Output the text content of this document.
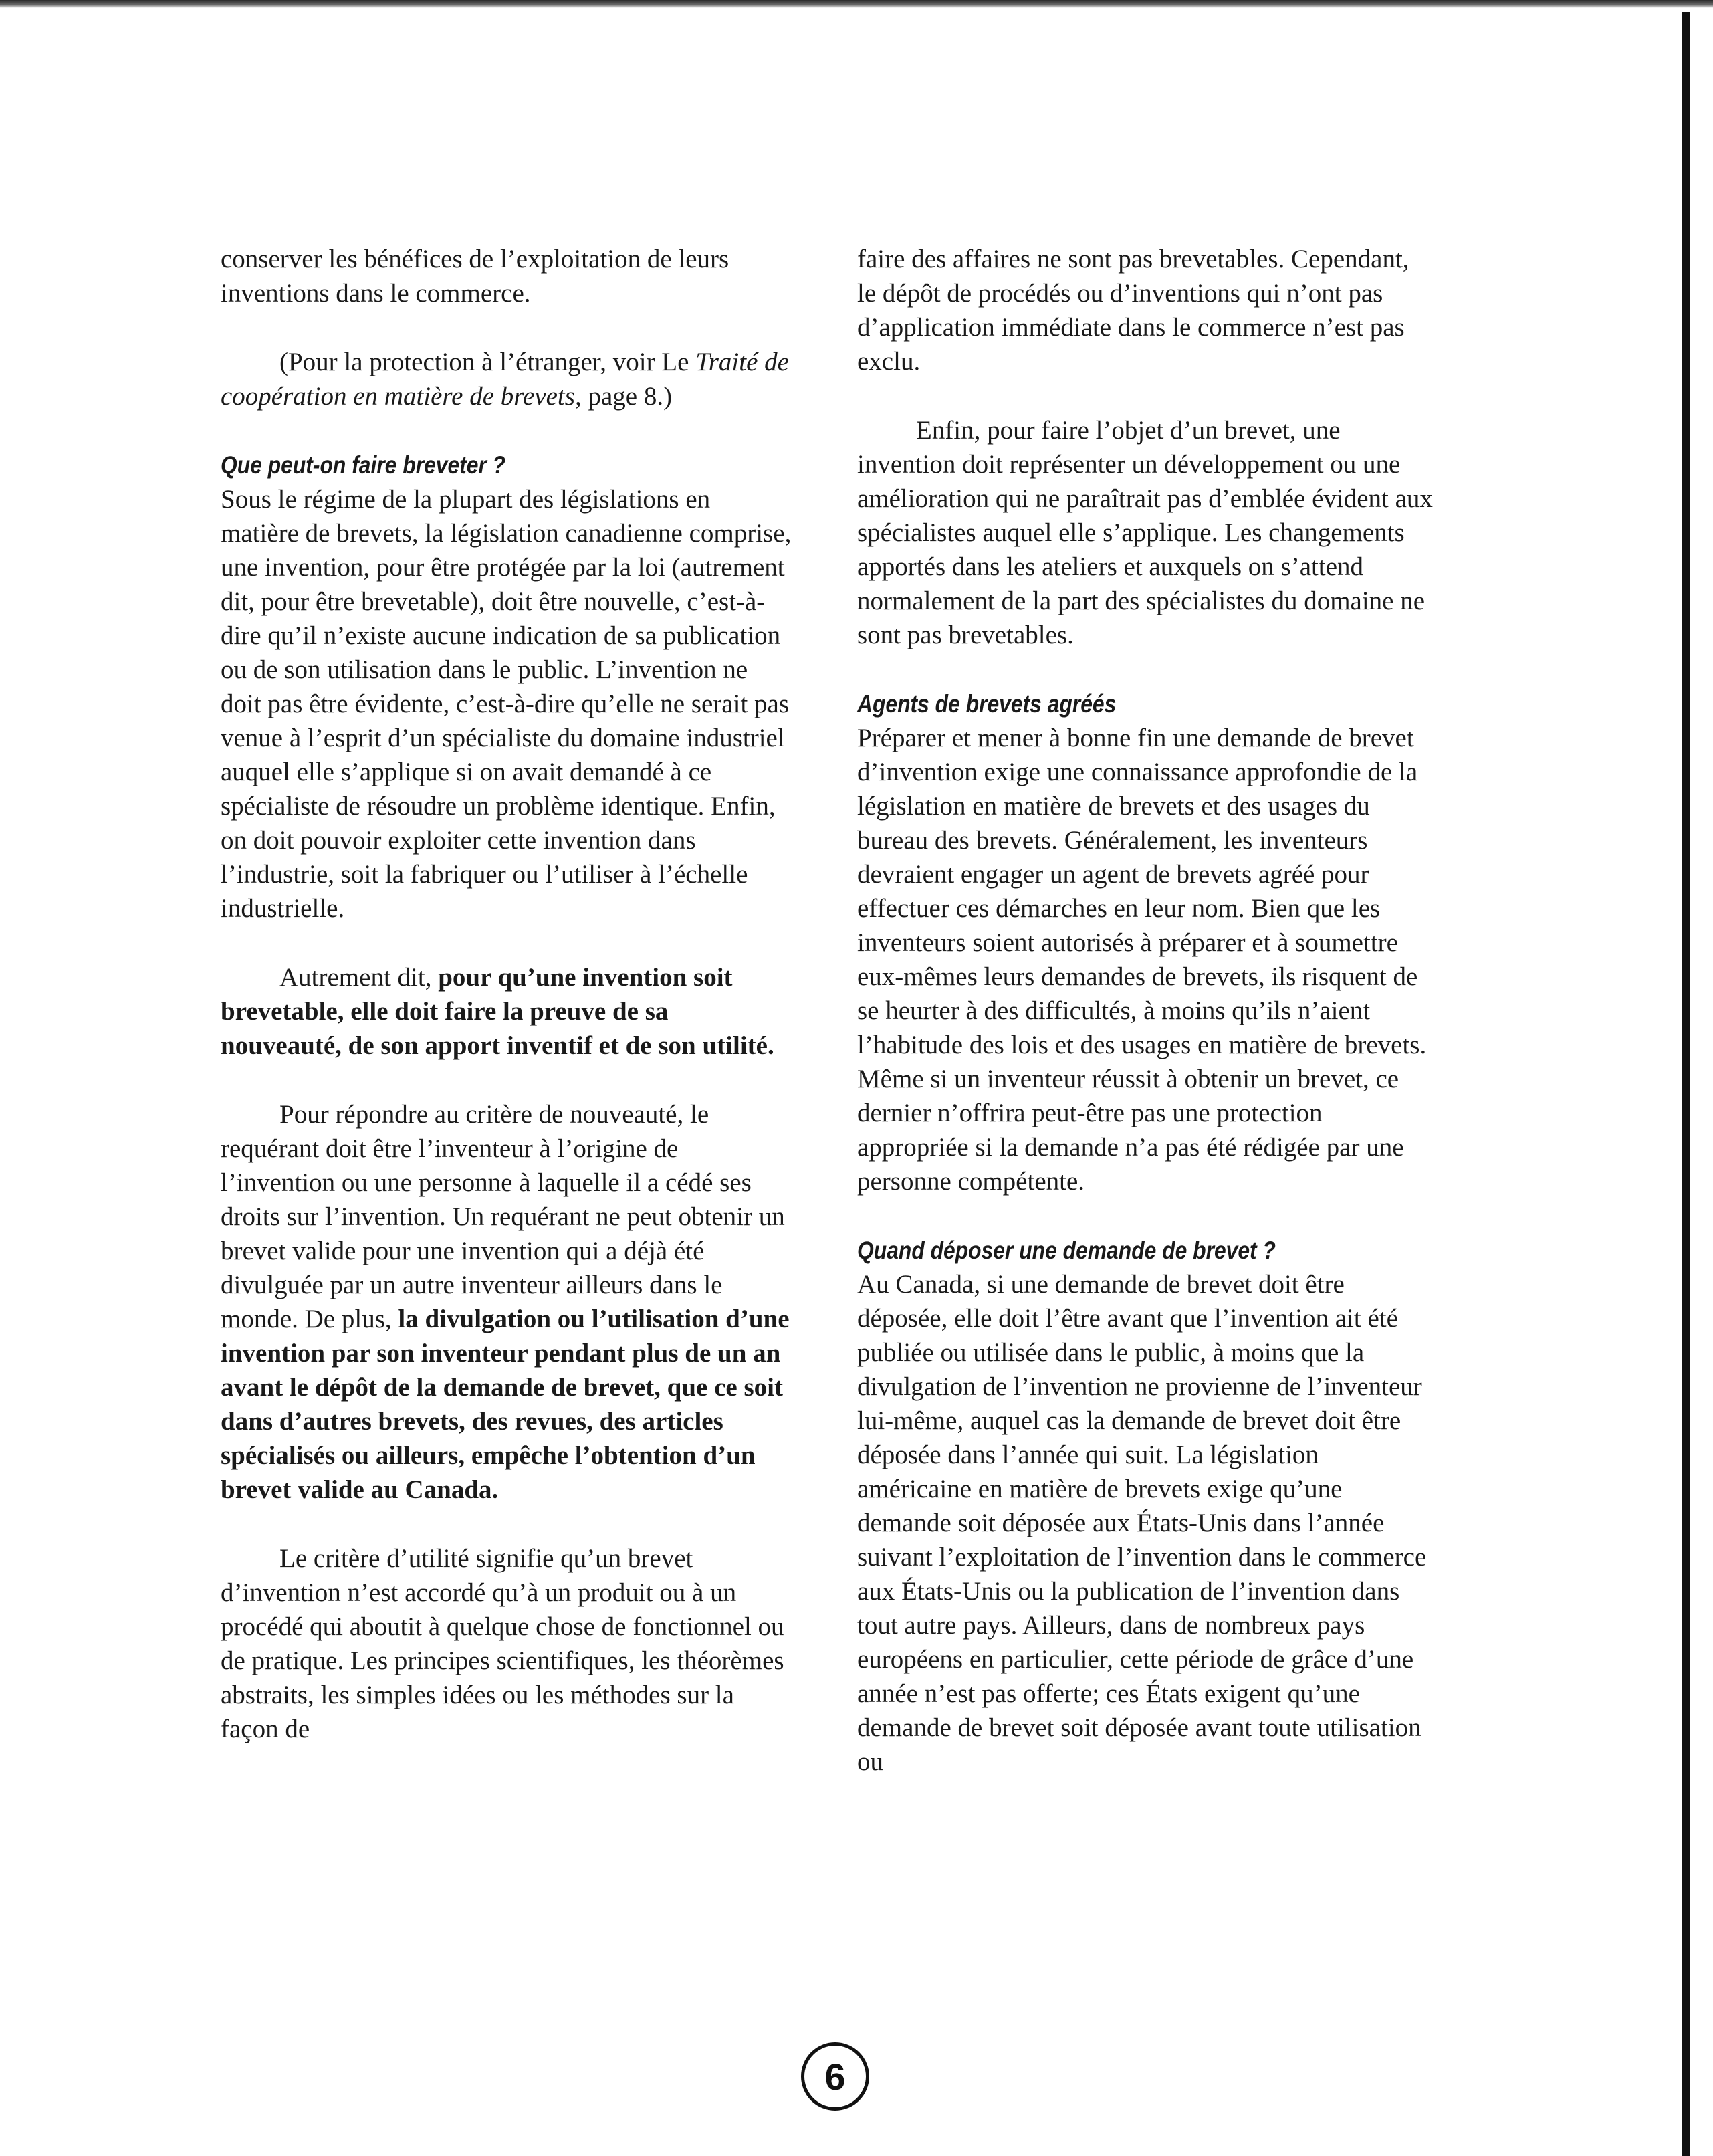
conserver les bénéfices de l’exploitation de leurs inventions dans le commerce.

(Pour la protection à l’étranger, voir Le Traité de coopération en matière de brevets, page 8.)

Que peut-on faire breveter ?

Sous le régime de la plupart des législations en matière de brevets, la législation canadienne comprise, une invention, pour être protégée par la loi (autrement dit, pour être brevetable), doit être nouvelle, c’est-à-dire qu’il n’existe aucune indication de sa publication ou de son utilisation dans le public. L’invention ne doit pas être évidente, c’est-à-dire qu’elle ne serait pas venue à l’esprit d’un spécialiste du domaine industriel auquel elle s’applique si on avait demandé à ce spécialiste de résoudre un problème identique. Enfin, on doit pouvoir exploiter cette invention dans l’industrie, soit la fabriquer ou l’utiliser à l’échelle industrielle.

Autrement dit, pour qu’une invention soit brevetable, elle doit faire la preuve de sa nouveauté, de son apport inventif et de son utilité.

Pour répondre au critère de nouveauté, le requérant doit être l’inventeur à l’origine de l’invention ou une personne à laquelle il a cédé ses droits sur l’invention. Un requérant ne peut obtenir un brevet valide pour une invention qui a déjà été divulguée par un autre inventeur ailleurs dans le monde. De plus, la divulgation ou l’utilisation d’une invention par son inventeur pendant plus de un an avant le dépôt de la demande de brevet, que ce soit dans d’autres brevets, des revues, des articles spécialisés ou ailleurs, empêche l’obtention d’un brevet valide au Canada.

Le critère d’utilité signifie qu’un brevet d’invention n’est accordé qu’à un produit ou à un procédé qui aboutit à quelque chose de fonctionnel ou de pratique. Les principes scientifiques, les théorèmes abstraits, les simples idées ou les méthodes sur la façon de

faire des affaires ne sont pas brevetables. Cependant, le dépôt de procédés ou d’inventions qui n’ont pas d’application immédiate dans le commerce n’est pas exclu.

Enfin, pour faire l’objet d’un brevet, une invention doit représenter un développement ou une amélioration qui ne paraîtrait pas d’emblée évident aux spécialistes auquel elle s’applique. Les changements apportés dans les ateliers et auxquels on s’attend normalement de la part des spécialistes du domaine ne sont pas brevetables.

Agents de brevets agréés

Préparer et mener à bonne fin une demande de brevet d’invention exige une connaissance approfondie de la législation en matière de brevets et des usages du bureau des brevets. Généralement, les inventeurs devraient engager un agent de brevets agréé pour effectuer ces démarches en leur nom. Bien que les inventeurs soient autorisés à préparer et à soumettre eux-mêmes leurs demandes de brevets, ils risquent de se heurter à des difficultés, à moins qu’ils n’aient l’habitude des lois et des usages en matière de brevets. Même si un inventeur réussit à obtenir un brevet, ce dernier n’offrira peut-être pas une protection appropriée si la demande n’a pas été rédigée par une personne compétente.

Quand déposer une demande de brevet ?

Au Canada, si une demande de brevet doit être déposée, elle doit l’être avant que l’invention ait été publiée ou utilisée dans le public, à moins que la divulgation de l’invention ne provienne de l’inventeur lui-même, auquel cas la demande de brevet doit être déposée dans l’année qui suit. La législation américaine en matière de brevets exige qu’une demande soit déposée aux États-Unis dans l’année suivant l’exploitation de l’invention dans le commerce aux États-Unis ou la publication de l’invention dans tout autre pays. Ailleurs, dans de nombreux pays européens en particulier, cette période de grâce d’une année n’est pas offerte; ces États exigent qu’une demande de brevet soit déposée avant toute utilisation ou

6
